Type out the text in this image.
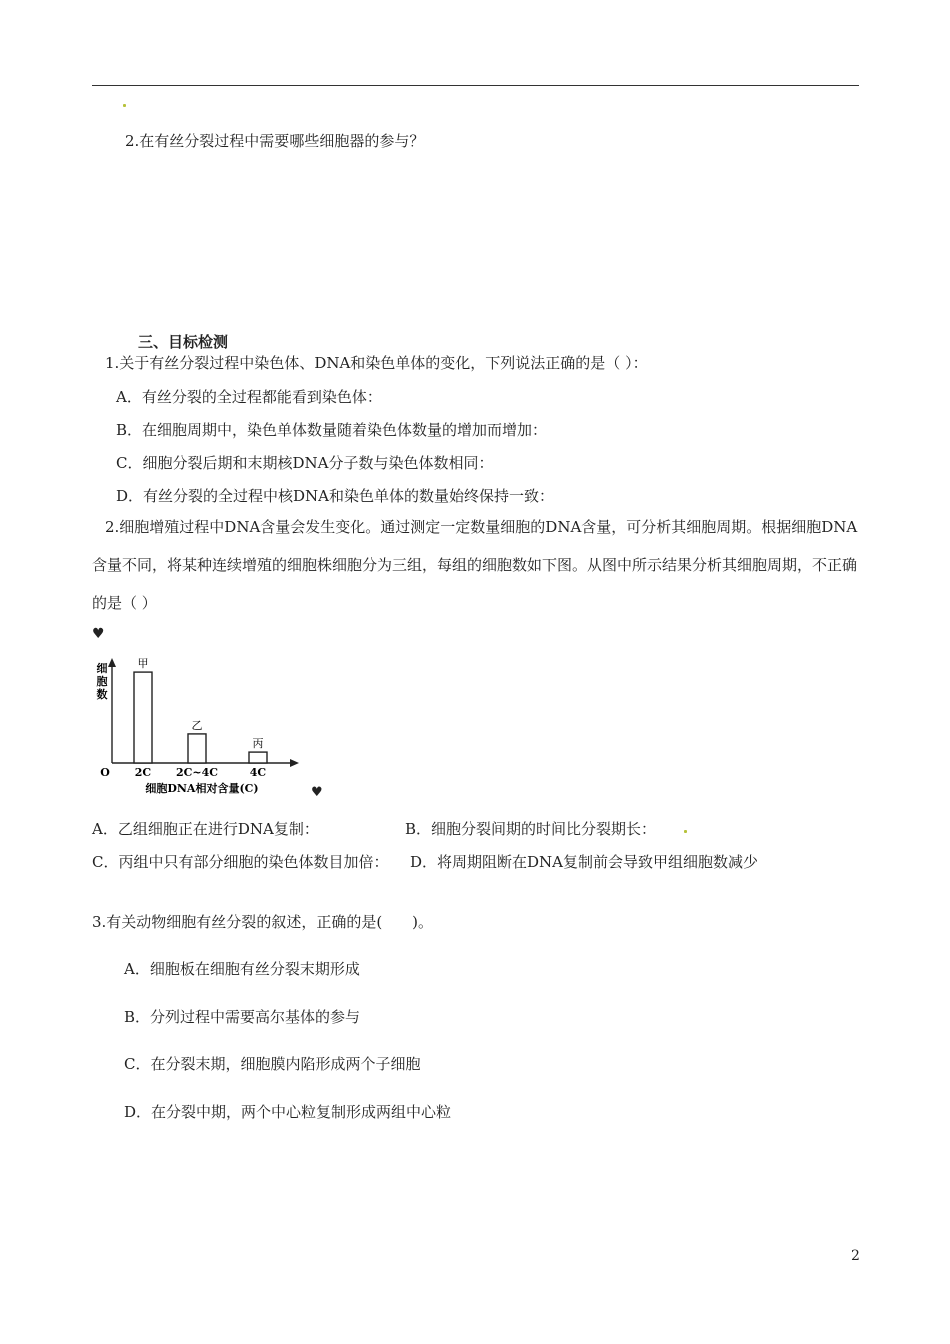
2.在有丝分裂过程中需要哪些细胞器的参与？
三、目标检测
1.关于有丝分裂过程中染色体、DNA和染色单体的变化，下列说法正确的是（ ）：
A．有丝分裂的全过程都能看到染色体：
B．在细胞周期中，染色单体数量随着染色体数量的增加而增加：
C．细胞分裂后期和末期核DNA分子数与染色体数相同：
D．有丝分裂的全过程中核DNA和染色单体的数量始终保持一致：
2.细胞增殖过程中DNA含量会发生变化。通过测定一定数量细胞的DNA含量，可分析其细胞周期。根据细胞DNA含量不同，将某种连续增殖的细胞株细胞分为三组，每组的细胞数如下图。从图中所示结果分析其细胞周期，不正确的是（ ）
♥
细胞数
O
甲
2C
乙
2C~4C
丙
4C
细胞DNA相对含量(C)	♥
A．乙组细胞正在进行DNA复制：	B．细胞分裂间期的时间比分裂期长：
C．丙组中只有部分细胞的染色体数目加倍： D．将周期阻断在DNA复制前会导致甲组细胞数减少
3.有关动物细胞有丝分裂的叙述，正确的是(　　)。
A．细胞板在细胞有丝分裂末期形成
B．分列过程中需要高尔基体的参与
C．在分裂末期，细胞膜内陷形成两个子细胞
D．在分裂中期，两个中心粒复制形成两组中心粒
2
